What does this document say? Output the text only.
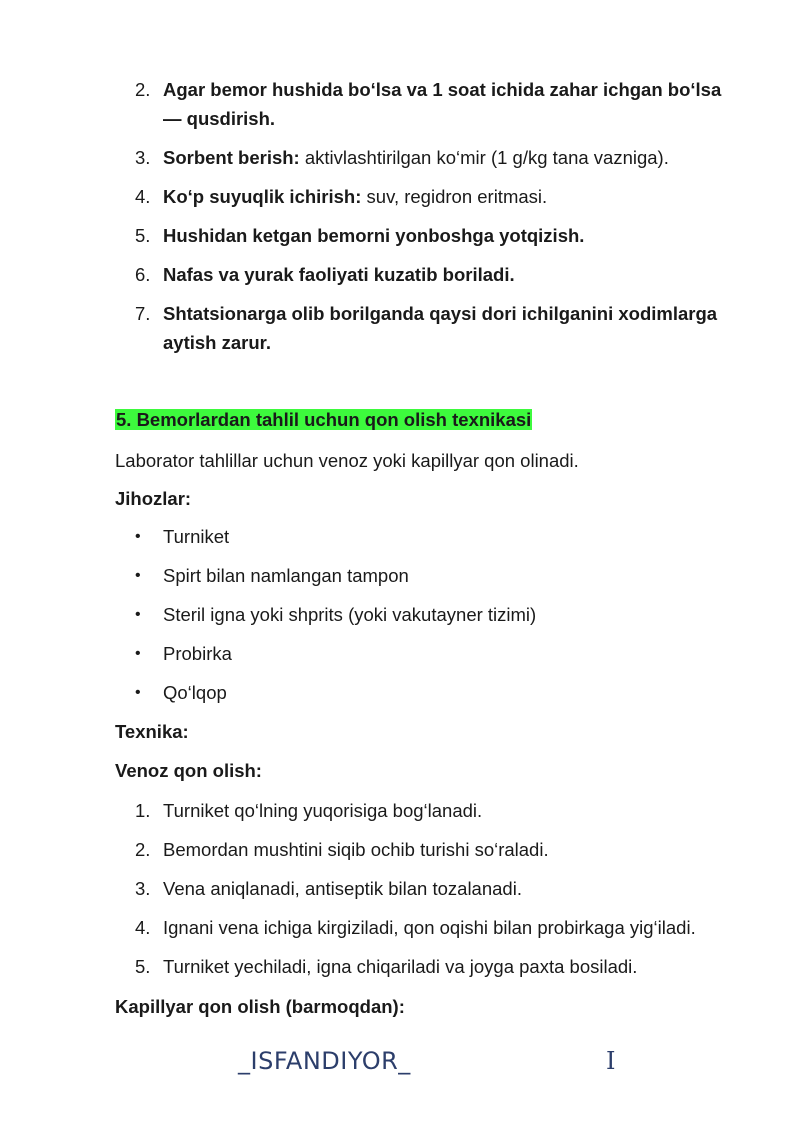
2. Agar bemor hushida bo‘lsa va 1 soat ichida zahar ichgan bo‘lsa — qusdirish.
3. Sorbent berish: aktivlashtirilgan ko‘mir (1 g/kg tana vazniga).
4. Ko‘p suyuqlik ichirish: suv, regidron eritmasi.
5. Hushidan ketgan bemorni yonboshga yotqizish.
6. Nafas va yurak faoliyati kuzatib boriladi.
7. Shtatsionarga olib borilganda qaysi dori ichilganini xodimlarga aytish zarur.
5. Bemorlardan tahlil uchun qon olish texnikasi
Laborator tahlillar uchun venoz yoki kapillyar qon olinadi.
Jihozlar:
•	Turniket
•	Spirt bilan namlangan tampon
•	Steril igna yoki shprits (yoki vakutayner tizimi)
•	Probirka
•	Qo‘lqop
Texnika:
Venoz qon olish:
1. Turniket qo‘lning yuqorisiga bog‘lanadi.
2. Bemordan mushtini siqib ochib turishi so‘raladi.
3. Vena aniqlanadi, antiseptik bilan tozalanadi.
4. Ignani vena ichiga kirgiziladi, qon oqishi bilan probirkaga yig‘iladi.
5. Turniket yechiladi, igna chiqariladi va joyga paxta bosiladi.
Kapillyar qon olish (barmoqdan):
_ISFANDIYOR_	I
